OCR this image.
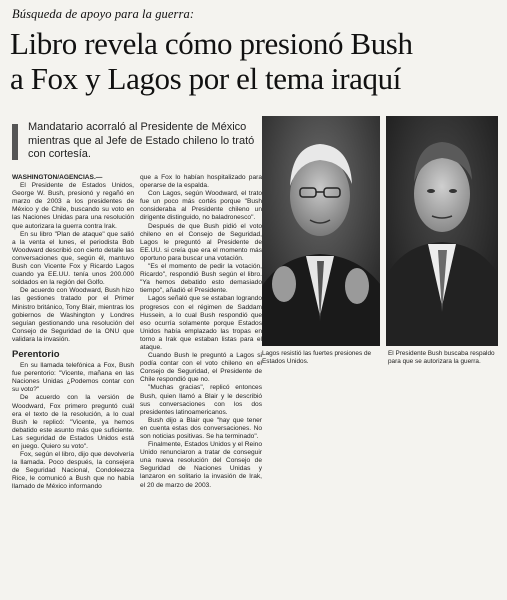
Búsqueda de apoyo para la guerra:
Libro revela cómo presionó Bush
a Fox y Lagos por el tema iraquí
Mandatario acorraló al Presidente de México mientras que al Jefe de Estado chileno lo trató con cortesía.

WASHINGTON/AGENCIAS.—

El Presidente de Estados Unidos, George W. Bush, presionó y regañó en marzo de 2003 a los presidentes de México y de Chile, buscando su voto en las Naciones Unidas para una resolución que autorizara la guerra contra Irak.

En su libro "Plan de ataque" que salió a la venta el lunes, el periodista Bob Woodward describió con cierto detalle las conversaciones que, según él, mantuvo Bush con Vicente Fox y Ricardo Lagos cuando ya EE.UU. tenía unos 200.000 soldados en la región del Golfo.

De acuerdo con Woodward, Bush hizo las gestiones tratado por el Primer Ministro británico, Tony Blair, mientras los gobiernos de Washington y Londres seguían gestionando una resolución del Consejo de Seguridad de la ONU que validara la invasión.

Perentorio

En su llamada telefónica a Fox, Bush fue perentorio: "Vicente, mañana en las Naciones Unidas ¿Podemos contar con su voto?"

De acuerdo con la versión de Woodward, Fox primero preguntó cuál era el texto de la resolución, a lo cual Bush le replicó: "Vicente, ya hemos debatido este asunto más que suficiente. Las seguridad de Estados Unidos está en juego. Quiero su voto".

Fox, según el libro, dijo que devolvería la llamada. Poco después, la consejera de Seguridad Nacional, Condoleezza Rice, le comunicó a Bush que no había llamado de México informando

que a Fox lo habían hospitalizado para operarse de la espalda.

Con Lagos, según Woodward, el trato fue un poco más cortés porque "Bush consideraba al Presidente chileno un dirigente distinguido, no baladronesco".

Después de que Bush pidió el voto chileno en el Consejo de Seguridad, Lagos le preguntó al Presidente de EE.UU. si creía que era el momento más oportuno para buscar una votación.

"Es el momento de pedir la votación, Ricardo", respondió Bush según el libro. "Ya hemos debatido esto demasiado tiempo", añadió el Presidente.

Lagos señaló que se estaban logrando progresos con el régimen de Saddam Hussein, a lo cual Bush respondió que eso ocurría solamente porque Estados Unidos había emplazado las tropas en torno a Irak que estaban listas para el ataque.

Cuando Bush le preguntó a Lagos si podía contar con el voto chileno en el Consejo de Seguridad, el Presidente de Chile respondió que no.

"Muchas gracias", replicó entonces Bush, quien llamó a Blair y le describió sus conversaciones con los dos presidentes latinoamericanos.

Bush dijo a Blair que "hay que tener en cuenta estas dos conversaciones. No son noticias positivas. Se ha terminado".

Finalmente, Estados Unidos y el Reino Unido renunciaron a tratar de conseguir una nueva resolución del Consejo de Seguridad de Naciones Unidas y lanzaron en solitario la invasión de Irak, el 20 de marzo de 2003.

Lagos resistió las fuertes presiones de Estados Unidos.
El Presidente Bush buscaba respaldo para que se autorizara la guerra.
